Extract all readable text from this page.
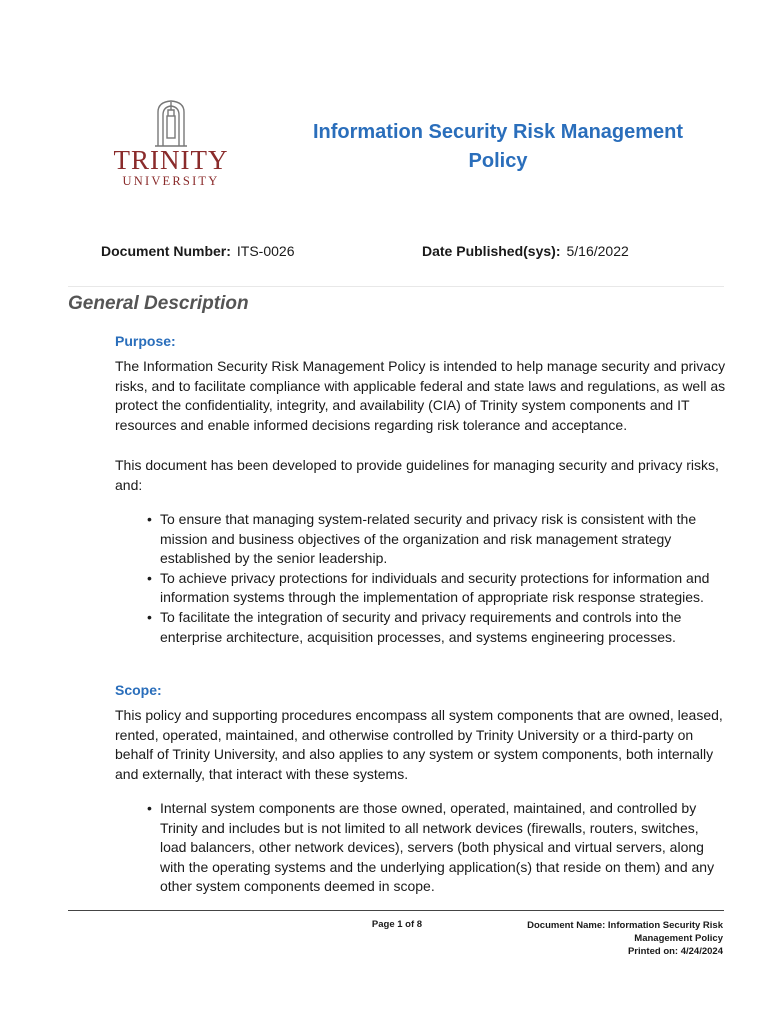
TRINITY
UNIVERSITY
Information Security Risk Management
Policy
Document Number: ITS-0026	Date Published(sys): 5/16/2022
General Description
Purpose:

The Information Security Risk Management Policy is intended to help manage security and privacy risks, and to facilitate compliance with applicable federal and state laws and regulations, as well as protect the confidentiality, integrity, and availability (CIA) of Trinity system components and IT resources and enable informed decisions regarding risk tolerance and acceptance.

This document has been developed to provide guidelines for managing security and privacy risks, and:

• To ensure that managing system-related security and privacy risk is consistent with the mission and business objectives of the organization and risk management strategy established by the senior leadership.
• To achieve privacy protections for individuals and security protections for information and information systems through the implementation of appropriate risk response strategies.
• To facilitate the integration of security and privacy requirements and controls into the enterprise architecture, acquisition processes, and systems engineering processes.
Scope:

This policy and supporting procedures encompass all system components that are owned, leased, rented, operated, maintained, and otherwise controlled by Trinity University or a third-party on behalf of Trinity University, and also applies to any system or system components, both internally and externally, that interact with these systems.

• Internal system components are those owned, operated, maintained, and controlled by Trinity and includes but is not limited to all network devices (firewalls, routers, switches, load balancers, other network devices), servers (both physical and virtual servers, along with the operating systems and the underlying application(s) that reside on them) and any other system components deemed in scope.
Page 1 of 8	Document Name: Information Security Risk
Management Policy
Printed on: 4/24/2024
